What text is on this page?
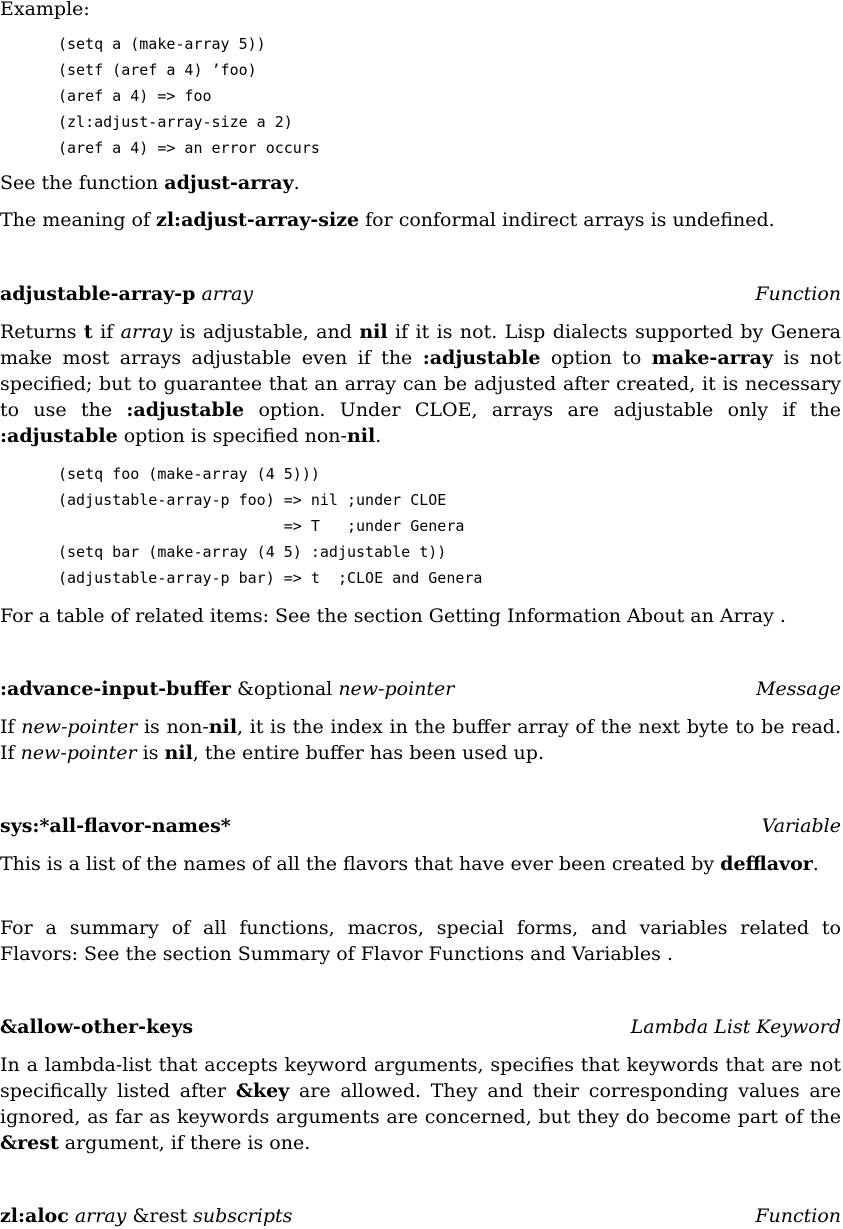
Example:

(setq a (make-array 5))
(setf (aref a 4) ’foo)
(aref a 4) => foo
(zl:adjust-array-size a 2)
(aref a 4) => an error occurs

See the function adjust-array.

The meaning of zl:adjust-array-size for conformal indirect arrays is undefined.

adjustable-array-p array	Function

Returns t if array is adjustable, and nil if it is not. Lisp dialects supported by Genera make most arrays adjustable even if the :adjustable option to make-array is not specified; but to guarantee that an array can be adjusted after created, it is necessary to use the :adjustable option. Under CLOE, arrays are adjustable only if the :adjustable option is specified non-nil.

(setq foo (make-array (4 5)))
(adjustable-array-p foo) => nil ;under CLOE
=> T   ;under Genera
(setq bar (make-array (4 5) :adjustable t))
(adjustable-array-p bar) => t  ;CLOE and Genera

For a table of related items: See the section Getting Information About an Array .

:advance-input-buffer &optional new-pointer	Message

If new-pointer is non-nil, it is the index in the buffer array of the next byte to be read. If new-pointer is nil, the entire buffer has been used up.

sys:*all-flavor-names*	Variable

This is a list of the names of all the flavors that have ever been created by defflavor.

For a summary of all functions, macros, special forms, and variables related to Flavors: See the section Summary of Flavor Functions and Variables .

&allow-other-keys	Lambda List Keyword

In a lambda-list that accepts keyword arguments, specifies that keywords that are not specifically listed after &key are allowed. They and their corresponding values are ignored, as far as keywords arguments are concerned, but they do become part of the &rest argument, if there is one.

zl:aloc array &rest subscripts	Function
